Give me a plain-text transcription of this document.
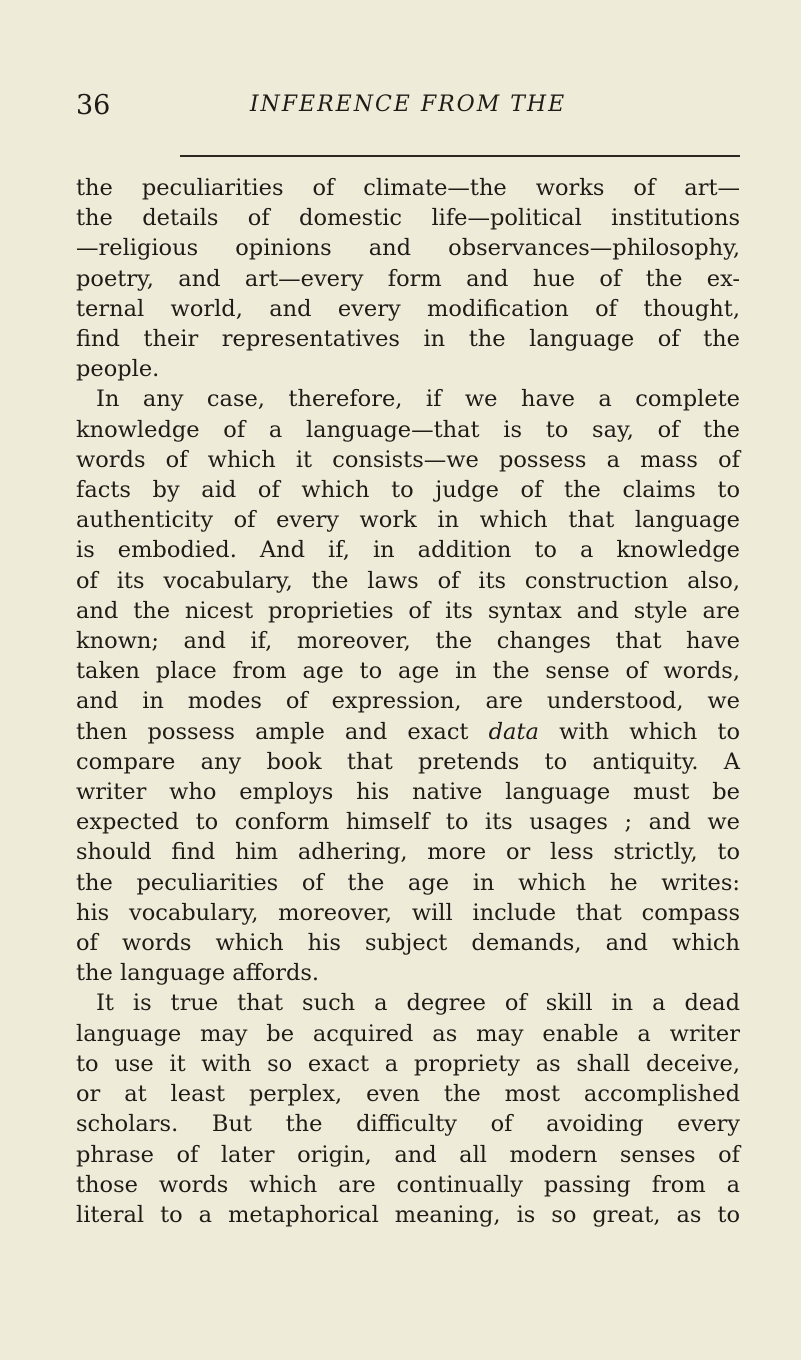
36	INFERENCE FROM THE

the peculiarities of climate—the works of art—
the details of domestic life—political institutions
—religious opinions and observances—philosophy,
poetry, and art—every form and hue of the ex-
ternal world, and every modification of thought,
find their representatives in the language of the
people.

In any case, therefore, if we have a complete
knowledge of a language—that is to say, of the
words of which it consists—we possess a mass of
facts by aid of which to judge of the claims to
authenticity of every work in which that language
is embodied. And if, in addition to a knowledge
of its vocabulary, the laws of its construction also,
and the nicest proprieties of its syntax and style are
known; and if, moreover, the changes that have
taken place from age to age in the sense of words,
and in modes of expression, are understood, we
then possess ample and exact data with which to
compare any book that pretends to antiquity. A
writer who employs his native language must be
expected to conform himself to its usages ; and we
should find him adhering, more or less strictly, to
the peculiarities of the age in which he writes:
his vocabulary, moreover, will include that compass
of words which his subject demands, and which
the language affords.

It is true that such a degree of skill in a dead
language may be acquired as may enable a writer
to use it with so exact a propriety as shall deceive,
or at least perplex, even the most accomplished
scholars. But the difficulty of avoiding every
phrase of later origin, and all modern senses of
those words which are continually passing from a
literal to a metaphorical meaning, is so great, as to
